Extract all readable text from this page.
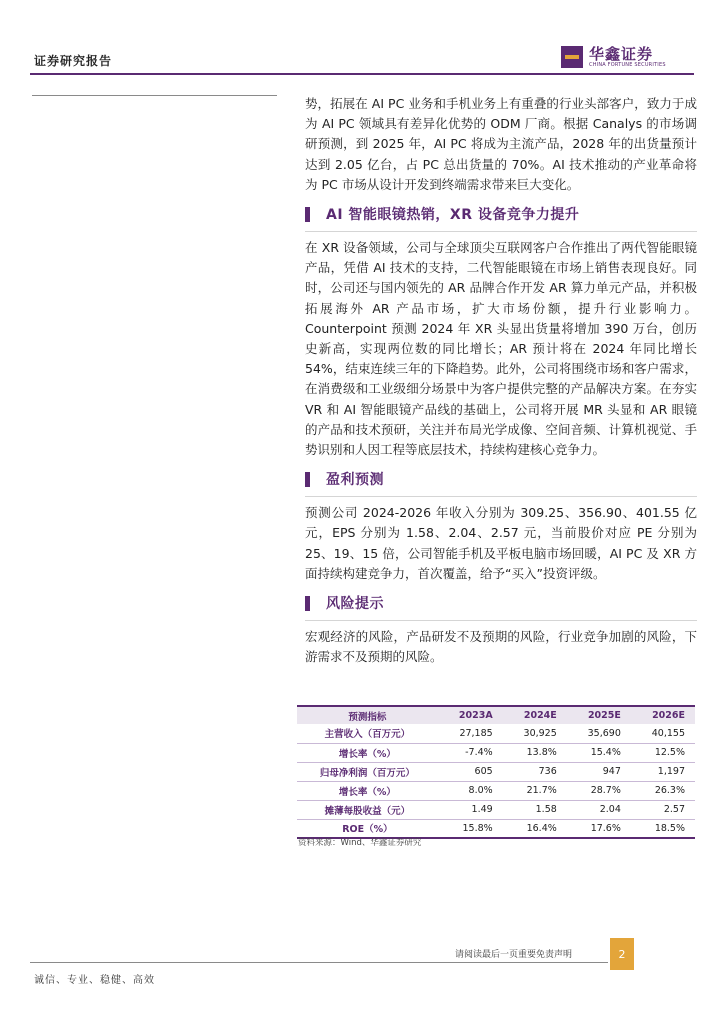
证券研究报告	华鑫证券
CHINA FORTUNE SECURITIES

势，拓展在 AI PC 业务和手机业务上有重叠的行业头部客户，致力于成为 AI PC 领域具有差异化优势的 ODM 厂商。根据 Canalys 的市场调研预测，到 2025 年，AI PC 将成为主流产品，2028 年的出货量预计达到 2.05 亿台，占 PC 总出货量的 70%。AI 技术推动的产业革命将为 PC 市场从设计开发到终端需求带来巨大变化。

AI 智能眼镜热销，XR 设备竞争力提升

在 XR 设备领域，公司与全球顶尖互联网客户合作推出了两代智能眼镜产品，凭借 AI 技术的支持，二代智能眼镜在市场上销售表现良好。同时，公司还与国内领先的 AR 品牌合作开发 AR 算力单元产品，并积极拓展海外 AR 产品市场，扩大市场份额，提升行业影响力。 Counterpoint 预测 2024 年 XR 头显出货量将增加 390 万台，创历史新高，实现两位数的同比增长；AR 预计将在 2024 年同比增长 54%，结束连续三年的下降趋势。此外，公司将围绕市场和客户需求，在消费级和工业级细分场景中为客户提供完整的产品解决方案。在夯实 VR 和 AI 智能眼镜产品线的基础上，公司将开展 MR 头显和 AR 眼镜的产品和技术预研，关注并布局光学成像、空间音频、计算机视觉、手势识别和人因工程等底层技术，持续构建核心竞争力。

盈利预测

预测公司 2024-2026 年收入分别为 309.25、356.90、401.55 亿元，EPS 分别为 1.58、2.04、2.57 元，当前股价对应 PE 分别为 25、19、15 倍，公司智能手机及平板电脑市场回暖，AI PC 及 XR 方面持续构建竞争力，首次覆盖，给予“买入”投资评级。

风险提示

宏观经济的风险，产品研发不及预期的风险，行业竞争加剧的风险，下游需求不及预期的风险。

预测指标	2023A	2024E	2025E	2026E
主营收入（百万元）	27,185	30,925	35,690	40,155
增长率（%）	-7.4%	13.8%	15.4%	12.5%
归母净利润（百万元）	605	736	947	1,197
增长率（%）	8.0%	21.7%	28.7%	26.3%
摊薄每股收益（元）	1.49	1.58	2.04	2.57
ROE（%）	15.8%	16.4%	17.6%	18.5%
资料来源：Wind、华鑫证券研究
请阅读最后一页重要免责声明	2
诚信、专业、稳健、高效
